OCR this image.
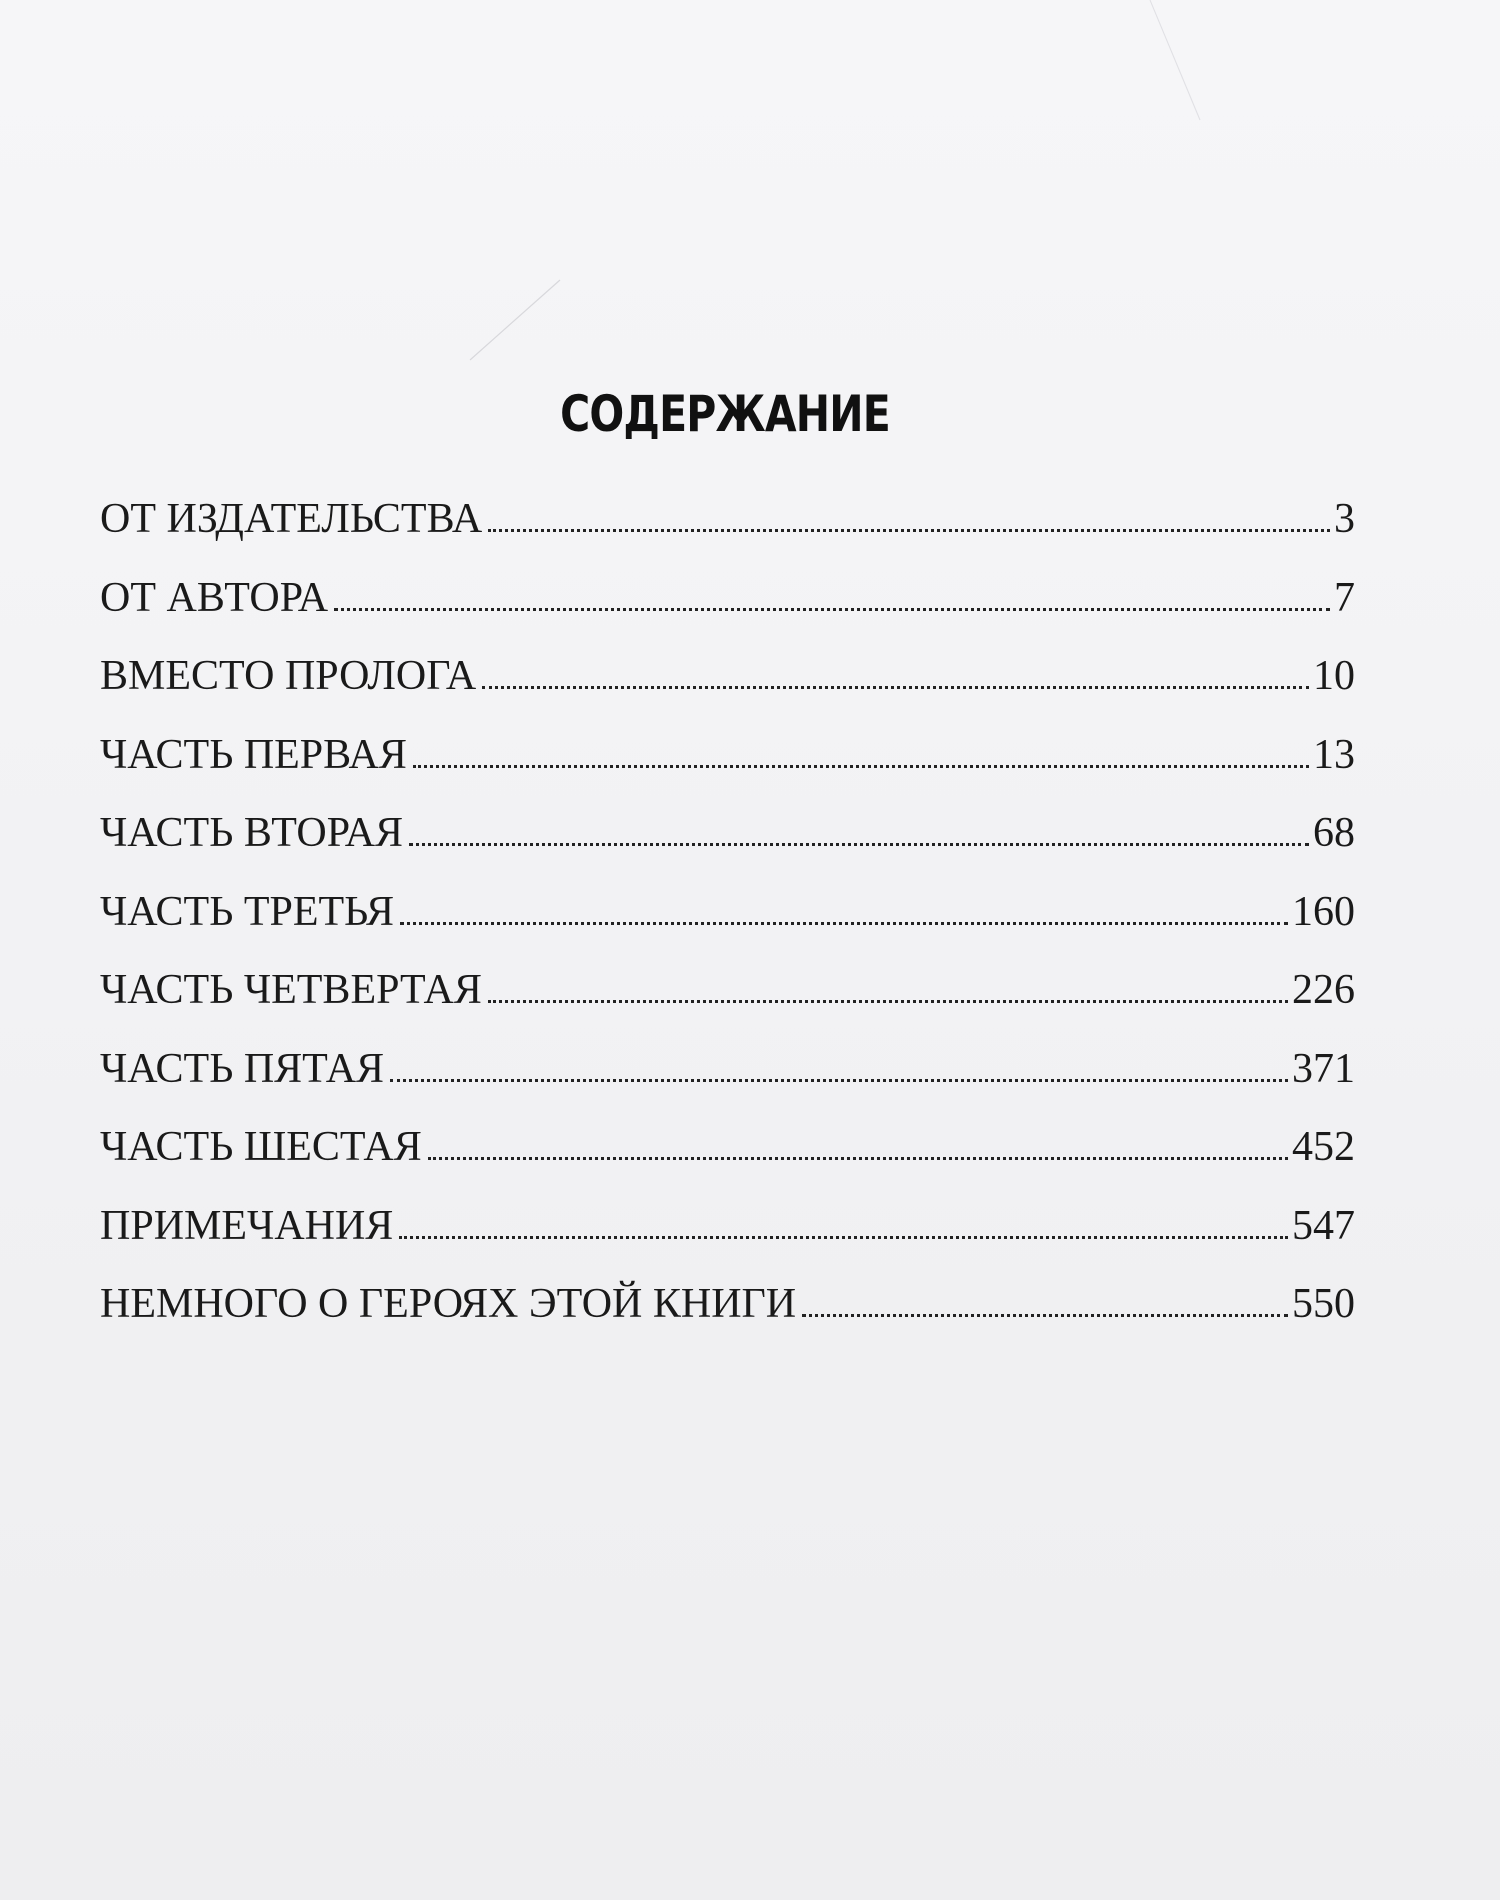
СОДЕРЖАНИЕ
ОТ ИЗДАТЕЛЬСТВА	3
ОТ АВТОРА	7
ВМЕСТО ПРОЛОГА	10
ЧАСТЬ ПЕРВАЯ	13
ЧАСТЬ ВТОРАЯ	68
ЧАСТЬ ТРЕТЬЯ	160
ЧАСТЬ ЧЕТВЕРТАЯ	226
ЧАСТЬ ПЯТАЯ	371
ЧАСТЬ ШЕСТАЯ	452
ПРИМЕЧАНИЯ	547
НЕМНОГО О ГЕРОЯХ ЭТОЙ КНИГИ	550
